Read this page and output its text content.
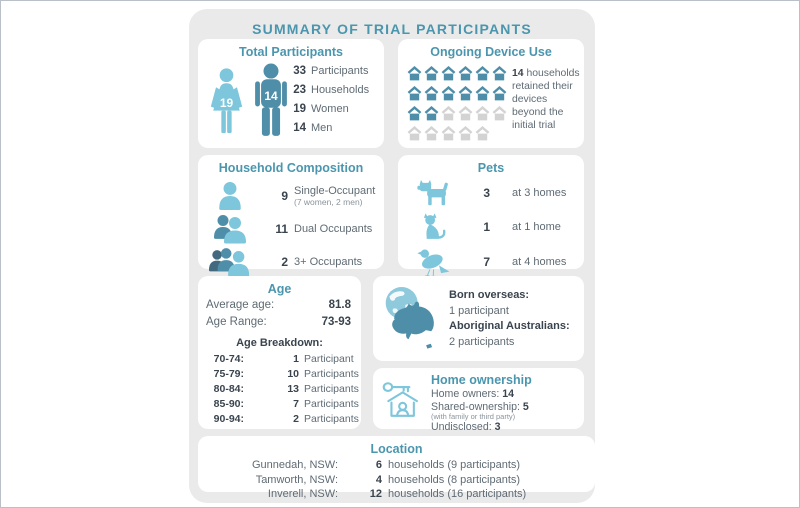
SUMMARY OF TRIAL PARTICIPANTS
Total Participants
19	14
33 Participants
23 Households
19 Women
14 Men
Ongoing Device Use
14 households retained their devices beyond the initial trial
Household Composition
9 Single-Occupant
(7 women, 2 men)
11 Dual Occupants
2 3+ Occupants
Pets
3	at 3 homes
1	at 1 home
7	at 4 homes
Age
Average age:	81.8
Age Range:	73-93
Age Breakdown:
70-74:	1 Participant
75-79:	10 Participants
80-84:	13 Participants
85-90:	7 Participants
90-94:	2 Participants
Born overseas:
1 participant
Aboriginal Australians:
2 participants
Home ownership
Home owners: 14
Shared-ownership: 5
(with family or third party)
Undisclosed: 3
Location
Gunnedah, NSW:	6 households (9 participants)
Tamworth, NSW:	4 households (8 participants)
Inverell, NSW:	12 households (16 participants)
